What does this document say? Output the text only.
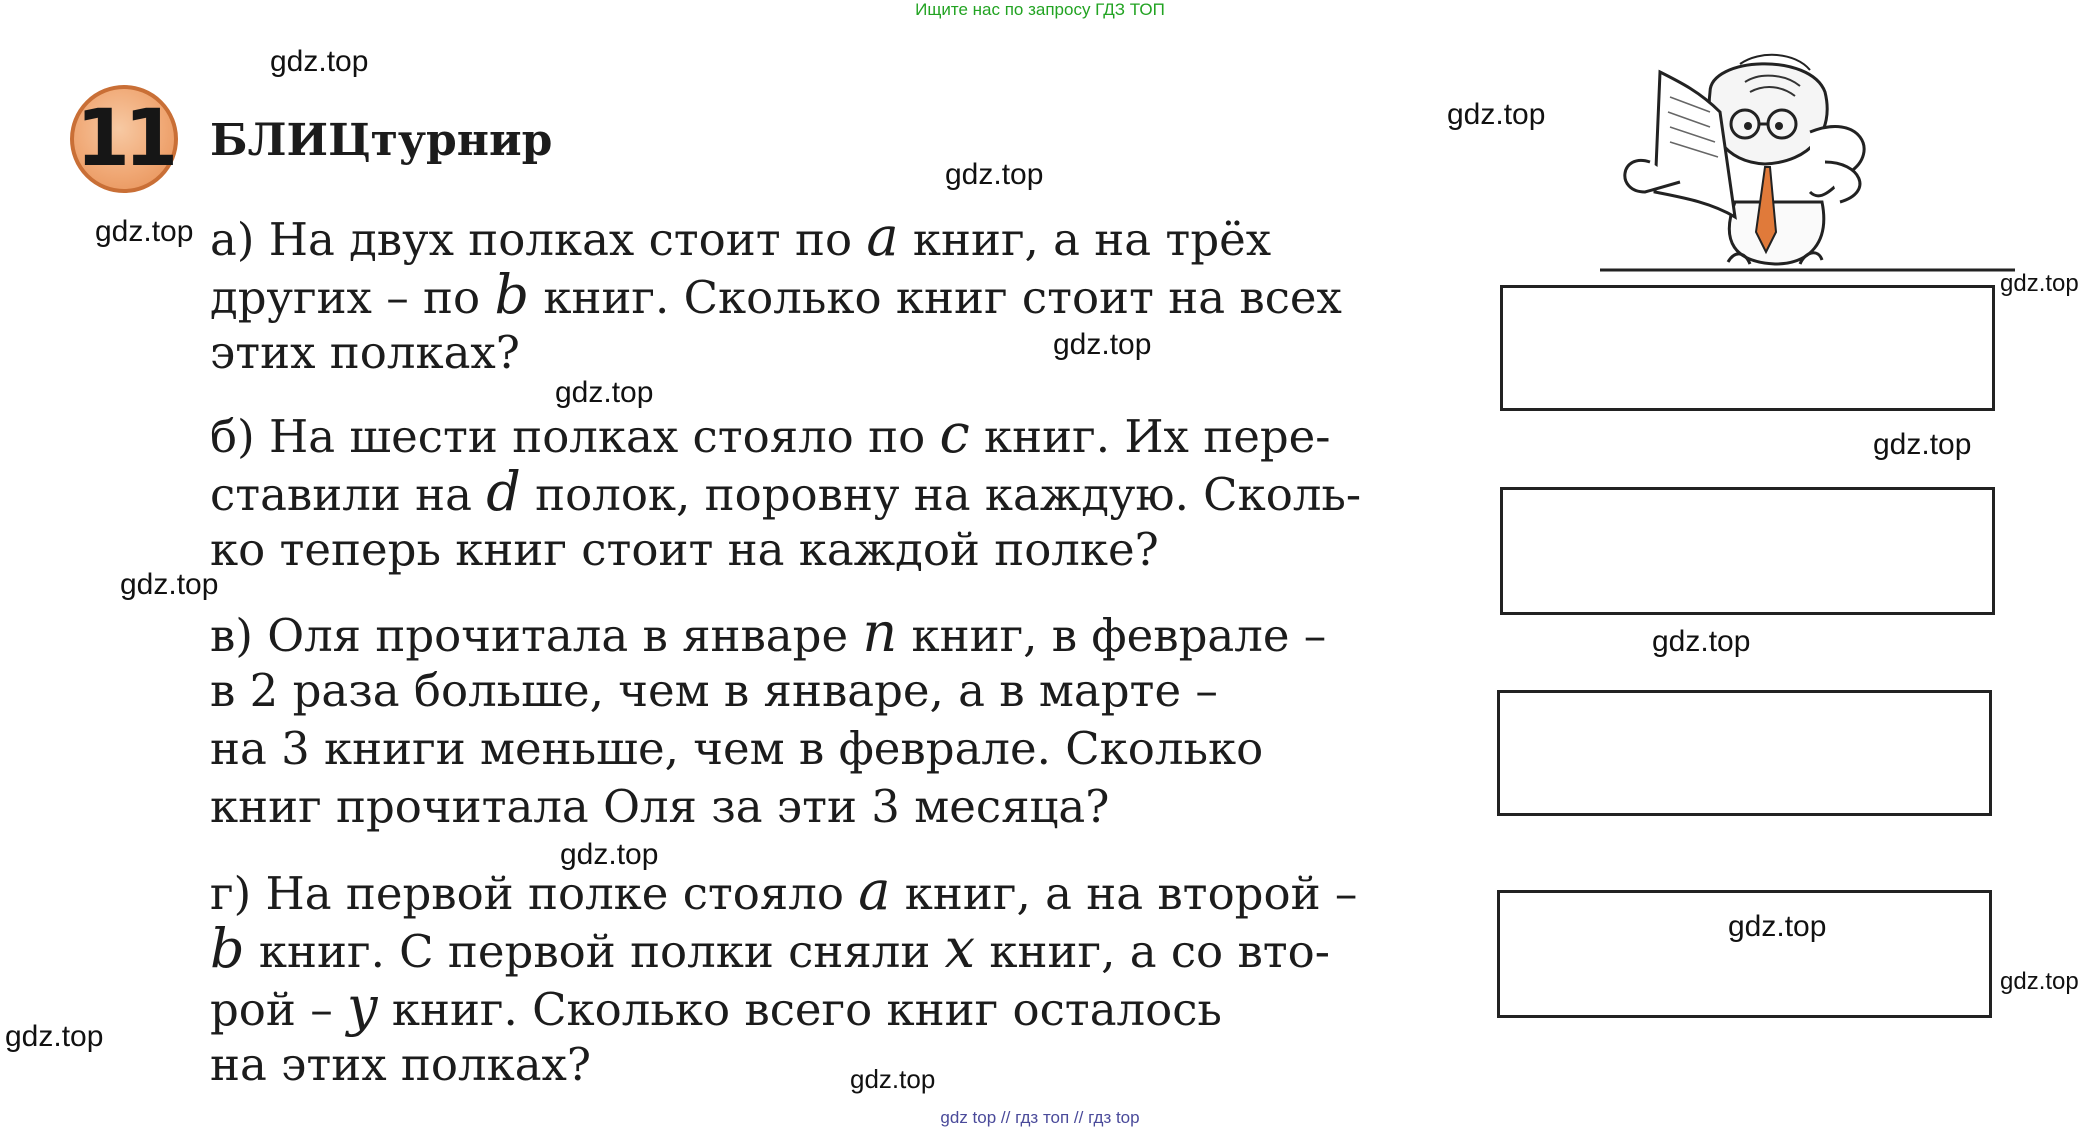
Ищите нас по запросу ГДЗ ТОП
11 БЛИЦтурнир
а) На двух полках стоит по a книг, а на трёх
других – по b книг. Сколько книг стоит на всех
этих полках?
б) На шести полках стояло по c книг. Их пере-
ставили на d полок, поровну на каждую. Сколь-
ко теперь книг стоит на каждой полке?
в) Оля прочитала в январе n книг, в феврале –
в 2 раза больше, чем в январе, а в марте –
на 3 книги меньше, чем в феврале. Сколько
книг прочитала Оля за эти 3 месяца?
г) На первой полке стояло a книг, а на второй –
b книг. С первой полки сняли x книг, а со вто-
рой – y книг. Сколько всего книг осталось
на этих полках?
gdz.top
gdz.top
gdz.top
gdz.top
gdz.top
gdz.top
gdz.top
gdz.top
gdz.top
gdz.top
gdz.top
gdz.top
gdz.top
gdz.top
gdz.top
gdz top // гдз топ // гдз top
